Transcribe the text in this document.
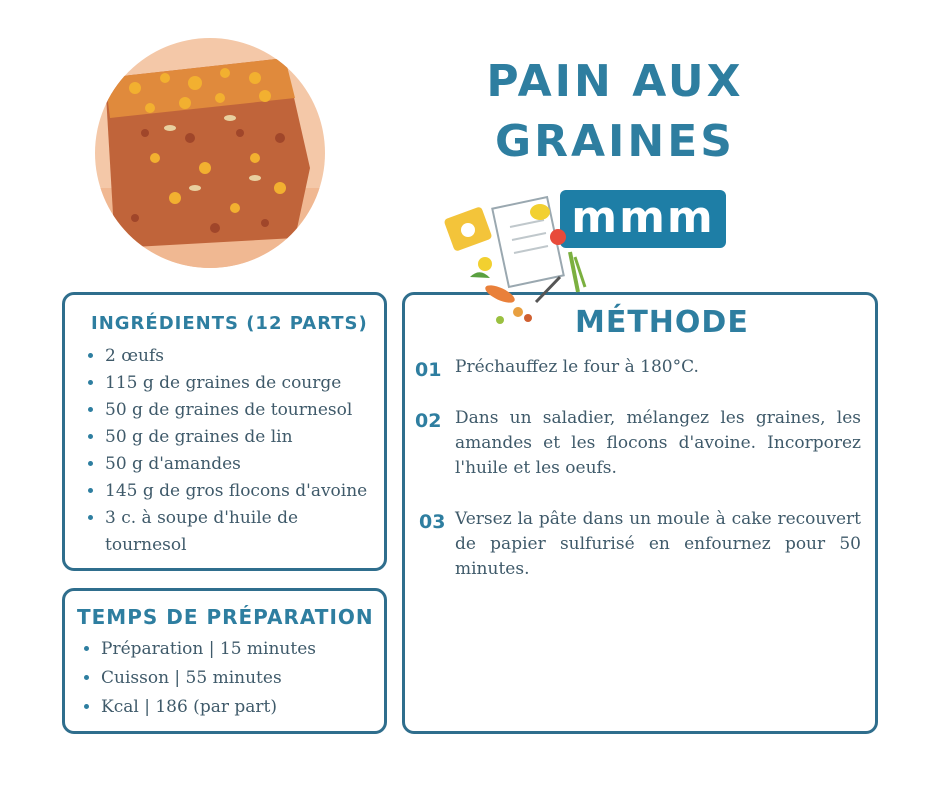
PAIN AUX
GRAINES
mmm
INGRÉDIENTS (12 PARTS)
• 2 œufs
• 115 g de graines de courge
• 50 g de graines de tournesol
• 50 g de graines de lin
• 50 g d'amandes
• 145 g de gros flocons d'avoine
• 3 c. à soupe d'huile de tournesol
TEMPS DE PRÉPARATION
• Préparation | 15 minutes
• Cuisson | 55 minutes
• Kcal | 186 (par part)
MÉTHODE
01 Préchauffez le four à 180°C.
02 Dans un saladier, mélangez les graines, les amandes et les flocons d'avoine. Incorporez l'huile et les oeufs.
03 Versez la pâte dans un moule à cake recouvert de papier sulfurisé en enfournez pour 50 minutes.
